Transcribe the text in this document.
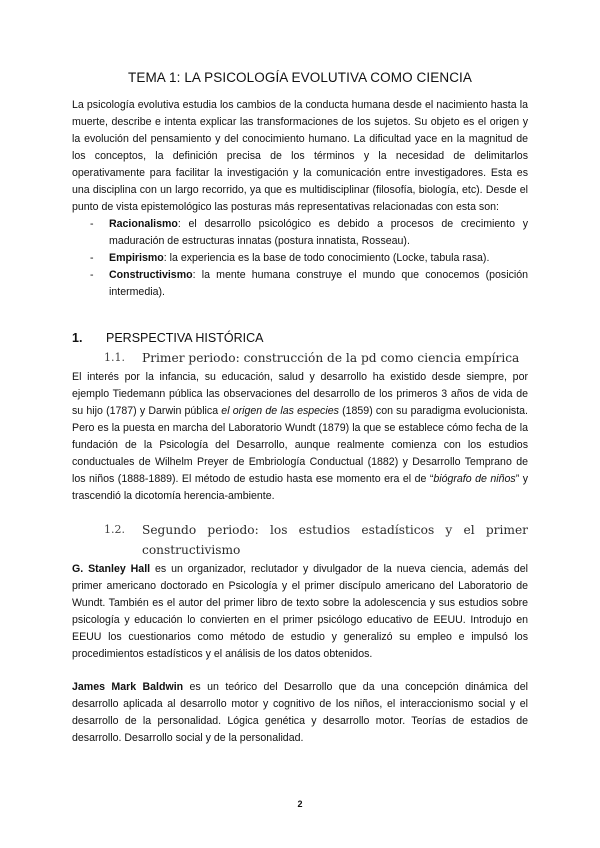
TEMA 1: LA PSICOLOGÍA EVOLUTIVA COMO CIENCIA

La psicología evolutiva estudia los cambios de la conducta humana desde el nacimiento hasta la muerte, describe e intenta explicar las transformaciones de los sujetos. Su objeto es el origen y la evolución del pensamiento y del conocimiento humano. La dificultad yace en la magnitud de los conceptos, la definición precisa de los términos y la necesidad de delimitarlos operativamente para facilitar la investigación y la comunicación entre investigadores. Esta es una disciplina con un largo recorrido, ya que es multidisciplinar (filosofía, biología, etc). Desde el punto de vista epistemológico las posturas más representativas relacionadas con esta son:

- Racionalismo: el desarrollo psicológico es debido a procesos de crecimiento y maduración de estructuras innatas (postura innatista, Rosseau).
- Empirismo: la experiencia es la base de todo conocimiento (Locke, tabula rasa).
- Constructivismo: la mente humana construye el mundo que conocemos (posición intermedia).
1.	PERSPECTIVA HISTÓRICA
1.1.	Primer periodo: construcción de la pd como ciencia empírica

El interés por la infancia, su educación, salud y desarrollo ha existido desde siempre, por ejemplo Tiedemann pública las observaciones del desarrollo de los primeros 3 años de vida de su hijo (1787) y Darwin pública el origen de las especies (1859) con su paradigma evolucionista. Pero es la puesta en marcha del Laboratorio Wundt (1879) la que se establece cómo fecha de la fundación de la Psicología del Desarrollo, aunque realmente comienza con los estudios conductuales de Wilhelm Preyer de Embriología Conductual (1882) y Desarrollo Temprano de los niños (1888-1889). El método de estudio hasta ese momento era el de “biógrafo de niños” y trascendió la dicotomía herencia-ambiente.

1.2.	Segundo periodo: los estudios estadísticos y el primer
constructivismo

G. Stanley Hall es un organizador, reclutador y divulgador de la nueva ciencia, además del primer americano doctorado en Psicología y el primer discípulo americano del Laboratorio de Wundt. También es el autor del primer libro de texto sobre la adolescencia y sus estudios sobre psicología y educación lo convierten en el primer psicólogo educativo de EEUU. Introdujo en EEUU los cuestionarios como método de estudio y generalizó su empleo e impulsó los procedimientos estadísticos y el análisis de los datos obtenidos.

James Mark Baldwin es un teórico del Desarrollo que da una concepción dinámica del desarrollo aplicada al desarrollo motor y cognitivo de los niños, el interaccionismo social y el desarrollo de la personalidad. Lógica genética y desarrollo motor. Teorías de estadios de desarrollo. Desarrollo social y de la personalidad.

2
